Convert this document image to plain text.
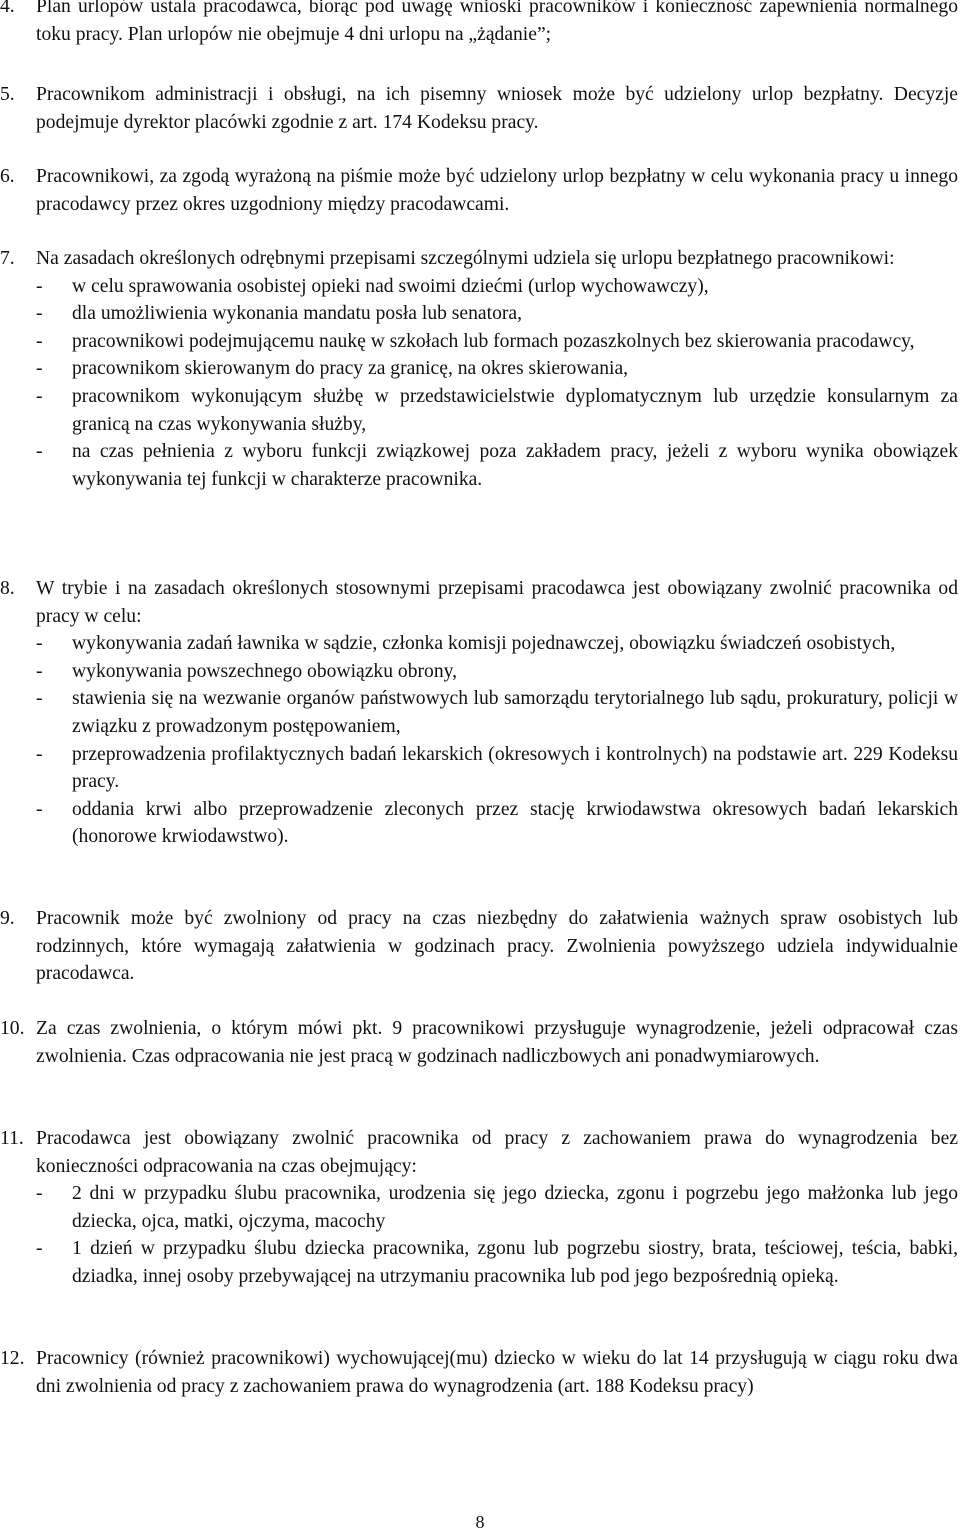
4. Plan urlopów ustala pracodawca, biorąc pod uwagę wnioski pracowników i konieczność zapewnienia normalnego toku pracy. Plan urlopów nie obejmuje 4 dni urlopu na „żądanie”;
5. Pracownikom administracji i obsługi, na ich pisemny wniosek może być udzielony urlop bezpłatny. Decyzje podejmuje dyrektor placówki zgodnie z art. 174 Kodeksu pracy.
6. Pracownikowi, za zgodą wyrażoną na piśmie może być udzielony urlop bezpłatny w celu wykonania pracy u innego pracodawcy przez okres uzgodniony między pracodawcami.
7. Na zasadach określonych odrębnymi przepisami szczególnymi udziela się urlopu bezpłatnego pracownikowi:
- w celu sprawowania osobistej opieki nad swoimi dziećmi (urlop wychowawczy),
- dla umożliwienia wykonania mandatu posła lub senatora,
- pracownikowi podejmującemu naukę w szkołach lub formach pozaszkolnych bez skierowania pracodawcy,
- pracownikom skierowanym do pracy za granicę, na okres skierowania,
- pracownikom wykonującym służbę w przedstawicielstwie dyplomatycznym lub urzędzie konsularnym za granicą na czas wykonywania służby,
- na czas pełnienia z wyboru funkcji związkowej poza zakładem pracy, jeżeli z wyboru wynika obowiązek wykonywania tej funkcji w charakterze pracownika.
8. W trybie i na zasadach określonych stosownymi przepisami pracodawca jest obowiązany zwolnić pracownika od pracy w celu:
- wykonywania zadań ławnika w sądzie, członka komisji pojednawczej, obowiązku świadczeń osobistych,
- wykonywania powszechnego obowiązku obrony,
- stawienia się na wezwanie organów państwowych lub samorządu terytorialnego lub sądu, prokuratury, policji w związku z prowadzonym postępowaniem,
- przeprowadzenia profilaktycznych badań lekarskich (okresowych i kontrolnych) na podstawie art. 229 Kodeksu pracy.
- oddania krwi albo przeprowadzenie zleconych przez stację krwiodawstwa okresowych badań lekarskich (honorowe krwiodawstwo).
9. Pracownik może być zwolniony od pracy na czas niezbędny do załatwienia ważnych spraw osobistych lub rodzinnych, które wymagają załatwienia w godzinach pracy. Zwolnienia powyższego udziela indywidualnie pracodawca.
10. Za czas zwolnienia, o którym mówi pkt. 9 pracownikowi przysługuje wynagrodzenie, jeżeli odpracował czas zwolnienia. Czas odpracowania nie jest pracą w godzinach nadliczbowych ani ponadwymiarowych.
11. Pracodawca jest obowiązany zwolnić pracownika od pracy z zachowaniem prawa do wynagrodzenia bez konieczności odpracowania na czas obejmujący:
- 2 dni w przypadku ślubu pracownika, urodzenia się jego dziecka, zgonu i pogrzebu jego małżonka lub jego dziecka, ojca, matki, ojczyma, macochy
- 1 dzień w przypadku ślubu dziecka pracownika, zgonu lub pogrzebu siostry, brata, teściowej, teścia, babki, dziadka, innej osoby przebywającej na utrzymaniu pracownika lub pod jego bezpośrednią opieką.
12. Pracownicy (również pracownikowi) wychowującej(mu) dziecko w wieku do lat 14 przysługują w ciągu roku dwa dni zwolnienia od pracy z zachowaniem prawa do wynagrodzenia (art. 188 Kodeksu pracy)
8
